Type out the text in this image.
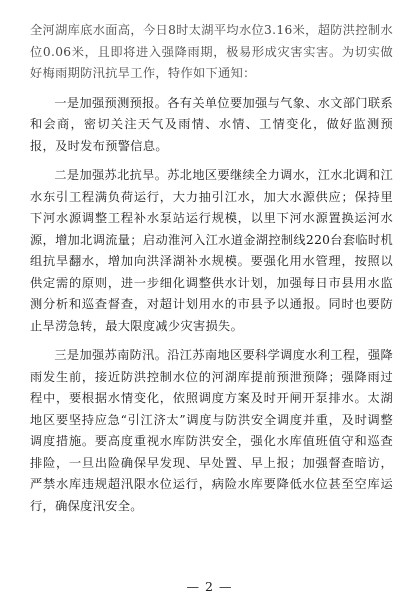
全河湖库底水面高，今日8时太湖平均水位3.16米，超防洪控制水位0.06米，且即将进入强降雨期，极易形成灾害实害。为切实做好梅雨期防汛抗旱工作，特作如下通知：

一是加强预测预报。各有关单位要加强与气象、水文部门联系和会商，密切关注天气及雨情、水情、工情变化，做好监测预报，及时发布预警信息。

二是加强苏北抗旱。苏北地区要继续全力调水，江水北调和江水东引工程满负荷运行，大力抽引江水，加大水源供应；保持里下河水源调整工程补水泵站运行规模，以里下河水源置换运河水源，增加北调流量；启动淮河入江水道金湖控制线220台套临时机组抗旱翻水，增加向洪泽湖补水规模。要强化用水管理，按照以供定需的原则，进一步细化调整供水计划，加强每日市县用水监测分析和巡查督查，对超计划用水的市县予以通报。同时也要防止旱涝急转，最大限度减少灾害损失。

三是加强苏南防汛。沿江苏南地区要科学调度水利工程，强降雨发生前，接近防洪控制水位的河湖库提前预泄预降；强降雨过程中，要根据水情变化，依照调度方案及时开闸开泵排水。太湖地区要坚持应急“引江济太”调度与防洪安全调度并重，及时调整调度措施。要高度重视水库防洪安全，强化水库值班值守和巡查排险，一旦出险确保早发现、早处置、早上报；加强督查暗访，严禁水库违规超汛限水位运行，病险水库要降低水位甚至空库运行，确保度汛安全。

— 2 —
